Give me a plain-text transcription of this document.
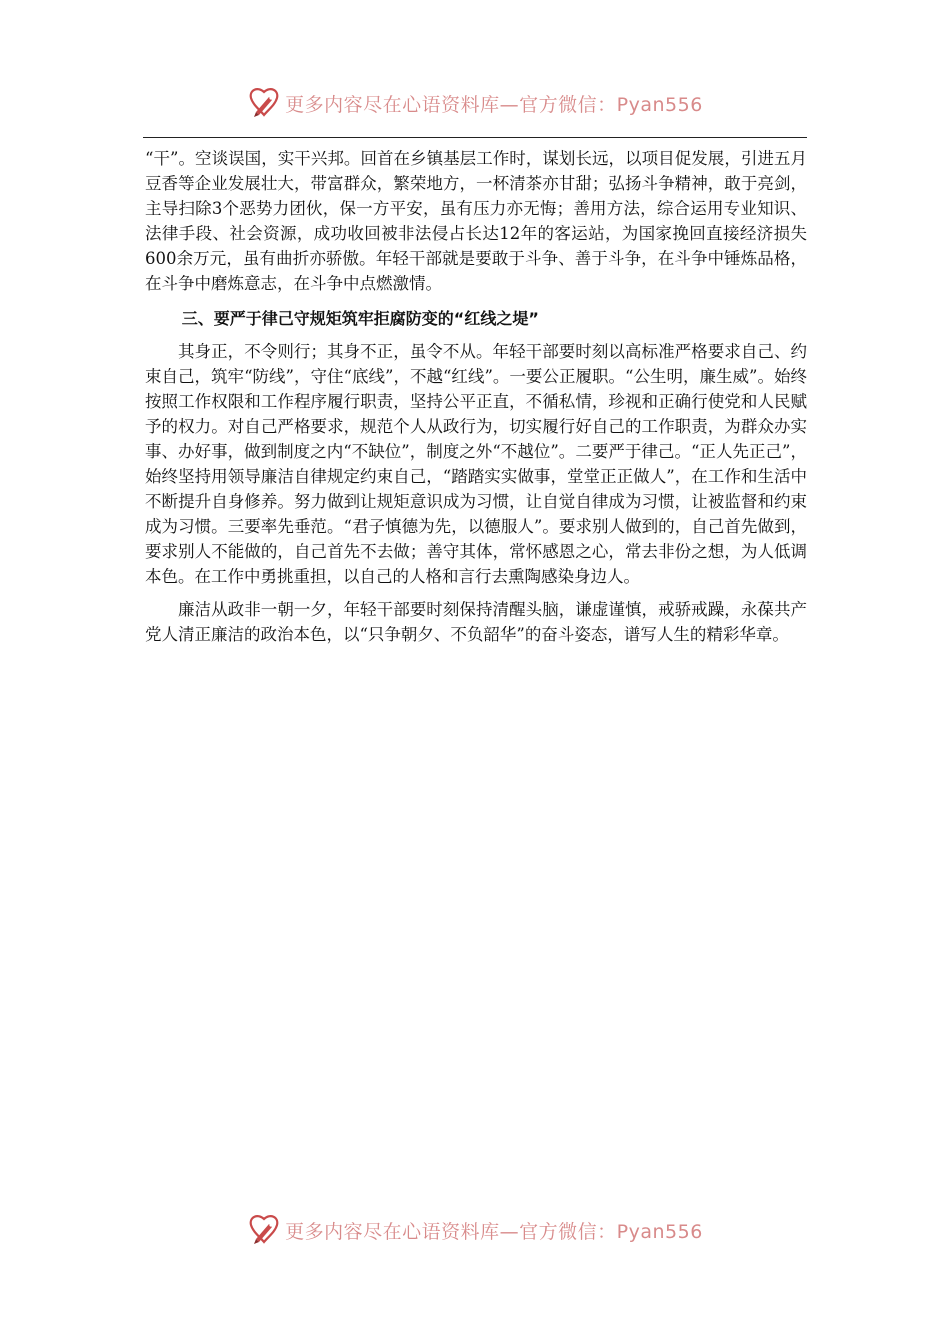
更多内容尽在心语资料库—官方微信：Pyan556

“干”。空谈误国，实干兴邦。回首在乡镇基层工作时，谋划长远，以项目促发展，引进五月豆香等企业发展壮大，带富群众，繁荣地方，一杯清茶亦甘甜；弘扬斗争精神，敢于亮剑，主导扫除3个恶势力团伙，保一方平安，虽有压力亦无悔；善用方法，综合运用专业知识、法律手段、社会资源，成功收回被非法侵占长达12年的客运站，为国家挽回直接经济损失600余万元，虽有曲折亦骄傲。年轻干部就是要敢于斗争、善于斗争，在斗争中锤炼品格，在斗争中磨炼意志，在斗争中点燃激情。

三、要严于律己守规矩筑牢拒腐防变的“红线之堤”

其身正，不令则行；其身不正，虽令不从。年轻干部要时刻以高标准严格要求自己、约束自己，筑牢“防线”，守住“底线”，不越“红线”。一要公正履职。“公生明，廉生威”。始终按照工作权限和工作程序履行职责，坚持公平正直，不循私情，珍视和正确行使党和人民赋予的权力。对自己严格要求，规范个人从政行为，切实履行好自己的工作职责，为群众办实事、办好事，做到制度之内“不缺位”，制度之外“不越位”。二要严于律己。“正人先正己”，始终坚持用领导廉洁自律规定约束自己，“踏踏实实做事，堂堂正正做人”，在工作和生活中不断提升自身修养。努力做到让规矩意识成为习惯，让自觉自律成为习惯，让被监督和约束成为习惯。三要率先垂范。“君子慎德为先，以德服人”。要求别人做到的，自己首先做到，要求别人不能做的，自己首先不去做；善守其体，常怀感恩之心，常去非份之想，为人低调本色。在工作中勇挑重担，以自己的人格和言行去熏陶感染身边人。

廉洁从政非一朝一夕，年轻干部要时刻保持清醒头脑，谦虚谨慎，戒骄戒躁，永葆共产党人清正廉洁的政治本色，以“只争朝夕、不负韶华”的奋斗姿态，谱写人生的精彩华章。

更多内容尽在心语资料库—官方微信：Pyan556
